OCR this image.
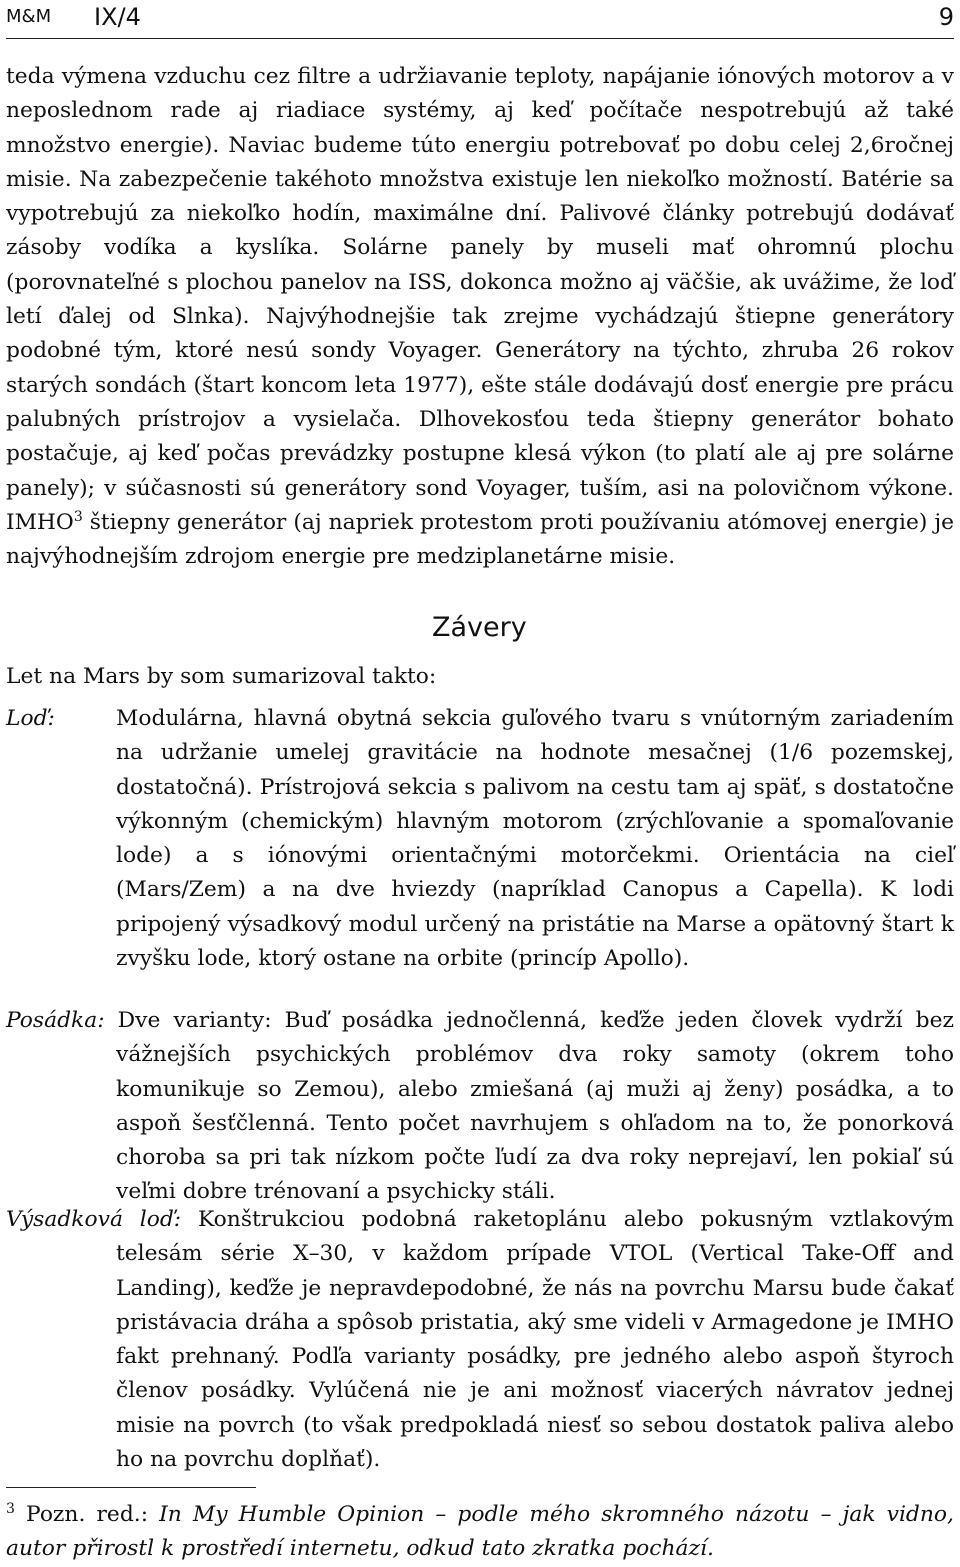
M&M IX/4	9
teda výmena vzduchu cez filtre a udržiavanie teploty, napájanie iónových motorov a v neposlednom rade aj riadiace systémy, aj keď počítače nespotrebujú až také množstvo energie). Naviac budeme túto energiu potrebovať po dobu celej 2,6ročnej misie. Na zabezpečenie takéhoto množstva existuje len niekoľko možností. Batérie sa vypotrebujú za niekoľko hodín, maximálne dní. Palivové články potrebujú dodávať zásoby vodíka a kyslíka. Solárne panely by museli mať ohromnú plochu (porovnateľné s plochou panelov na ISS, dokonca možno aj väčšie, ak uvážime, že loď letí ďalej od Slnka). Najvýhodnejšie tak zrejme vychádzajú štiepne generátory podobné tým, ktoré nesú sondy Voyager. Generátory na týchto, zhruba 26 rokov starých sondách (štart koncom leta 1977), ešte stále dodávajú dosť energie pre prácu palubných prístrojov a vysielača. Dlhovekosťou teda štiepny generátor bohato postačuje, aj keď počas prevádzky postupne klesá výkon (to platí ale aj pre solárne panely); v súčasnosti sú generátory sond Voyager, tuším, asi na polovičnom výkone. IMHO$^3$ štiepny generátor (aj napriek protestom proti používaniu atómovej energie) je najvýhodnejším zdrojom energie pre medziplanetárne misie.
Závery
Let na Mars by som sumarizoval takto:
Loď:	Modulárna, hlavná obytná sekcia guľového tvaru s vnútorným zariadením na udržanie umelej gravitácie na hodnote mesačnej (1/6 pozemskej, dostatočná). Prístrojová sekcia s palivom na cestu tam aj späť, s dostatočne výkonným (chemickým) hlavným motorom (zrýchľovanie a spomaľovanie lode) a s iónovými orientačnými motorčekmi. Orientácia na cieľ (Mars/Zem) a na dve hviezdy (napríklad Canopus a Capella). K lodi pripojený výsadkový modul určený na pristátie na Marse a opätovný štart k zvyšku lode, ktorý ostane na orbite (princíp Apollo).
Posádka: Dve varianty: Buď posádka jednočlenná, keďže jeden človek vydrží bez vážnejších psychických problémov dva roky samoty (okrem toho komunikuje so Zemou), alebo zmiešaná (aj muži aj ženy) posádka, a to aspoň šesťčlenná. Tento počet navrhujem s ohľadom na to, že ponorková choroba sa pri tak nízkom počte ľudí za dva roky neprejaví, len pokiaľ sú veľmi dobre trénovaní a psychicky stáli.
Výsadková loď: Konštrukciou podobná raketoplánu alebo pokusným vztlakovým telesám série X–30, v každom prípade VTOL (Vertical Take-Off and Landing), keďže je nepravdepodobné, že nás na povrchu Marsu bude čakať pristávacia dráha a spôsob pristatia, aký sme videli v Armagedone je IMHO fakt prehnaný. Podľa varianty posádky, pre jedného alebo aspoň štyroch členov posádky. Vylúčená nie je ani možnosť viacerých návratov jednej misie na povrch (to však predpokladá niesť so sebou dostatok paliva alebo ho na povrchu doplňať).
$^3$ Pozn. red.: In My Humble Opinion – podle mého skromného názotu – jak vidno, autor přirostl k prostředí internetu, odkud tato zkratka pochází.
